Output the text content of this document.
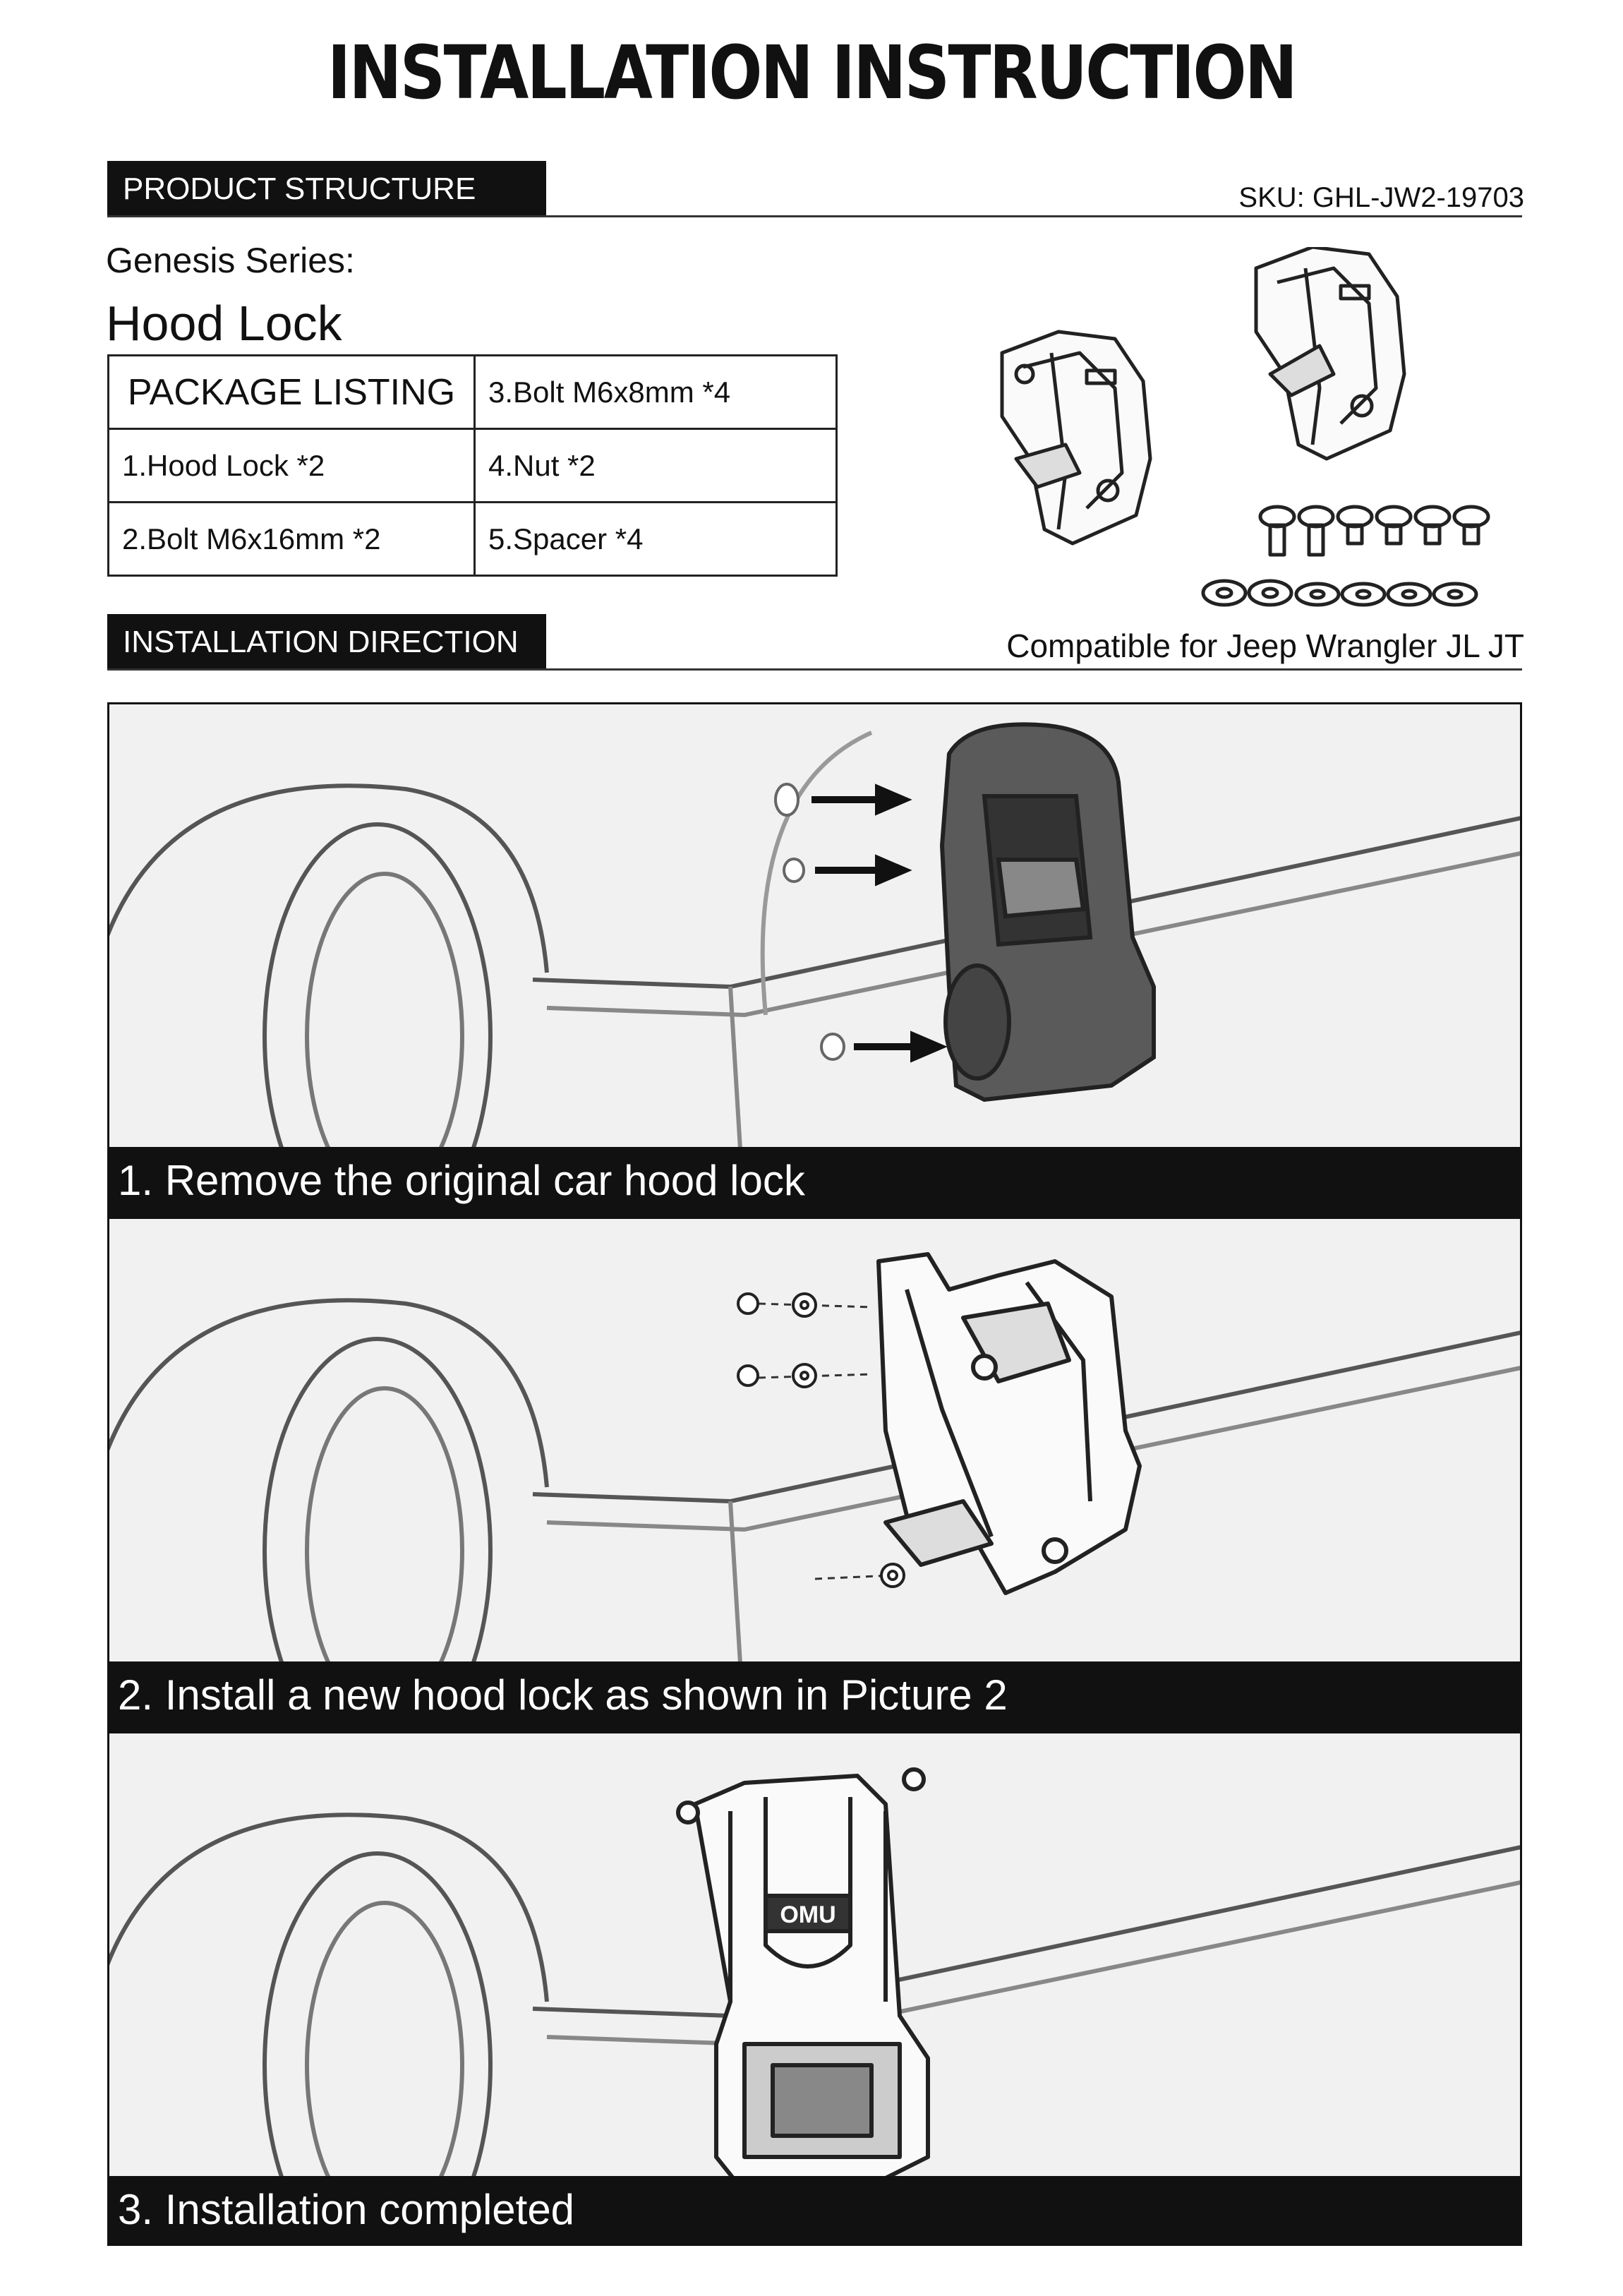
INSTALLATION INSTRUCTION
PRODUCT STRUCTURE	SKU: GHL-JW2-19703
Genesis Series:
Hood Lock
PACKAGE LISTING	3.Bolt M6x8mm *4
1.Hood Lock *2	4.Nut *2
2.Bolt M6x16mm *2	5.Spacer *4
INSTALLATION DIRECTION	Compatible for Jeep Wrangler JL JT
1. Remove the original car hood lock
2. Install a new hood lock as shown in Picture 2
OMU
3. Installation completed
